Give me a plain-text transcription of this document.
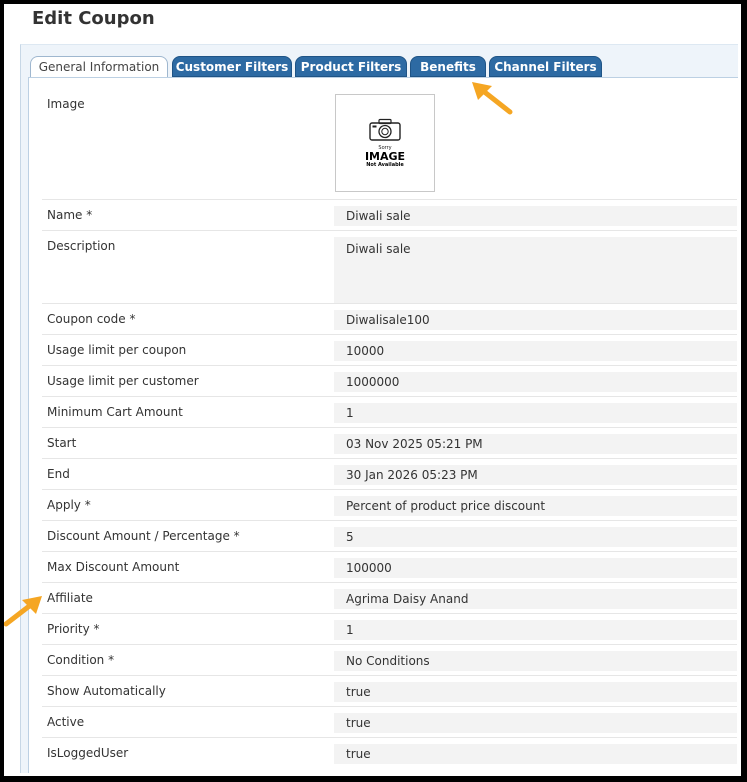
Edit Coupon
General Information	Customer Filters	Product Filters	Benefits	Channel Filters
Image
Sorry
IMAGE
Not Available
Name *	Diwali sale
Description	Diwali sale
Coupon code *	Diwalisale100
Usage limit per coupon	10000
Usage limit per customer	1000000
Minimum Cart Amount	1
Start	03 Nov 2025 05:21 PM
End	30 Jan 2026 05:23 PM
Apply *	Percent of product price discount
Discount Amount / Percentage *	5
Max Discount Amount	100000
Affiliate	Agrima Daisy Anand
Priority *	1
Condition *	No Conditions
Show Automatically	true
Active	true
IsLoggedUser	true
